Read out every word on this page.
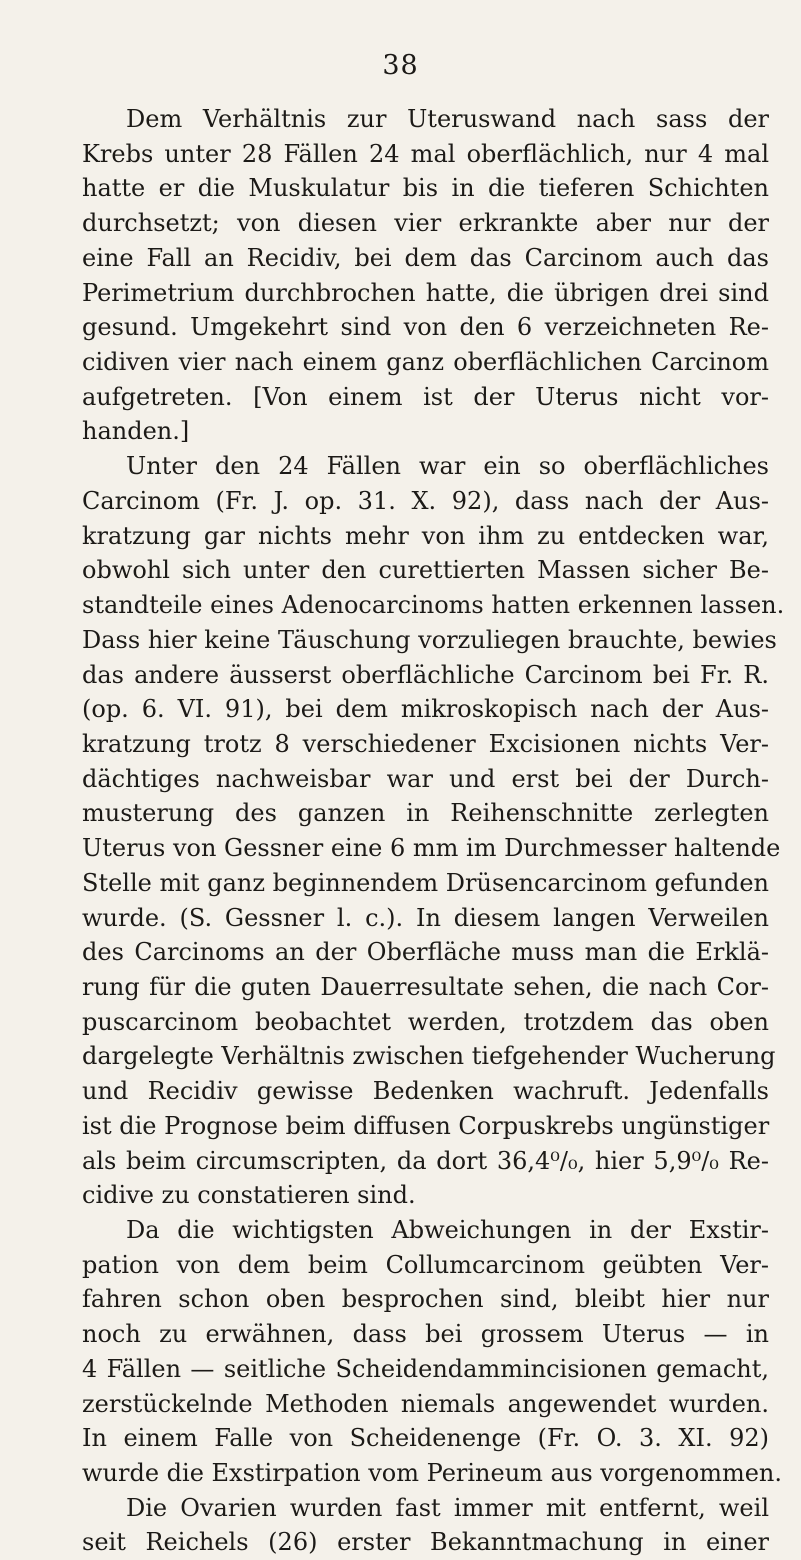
38
Dem Verhältnis zur Uteruswand nach sass der
Krebs unter 28 Fällen 24 mal oberflächlich, nur 4 mal
hatte er die Muskulatur bis in die tieferen Schichten
durchsetzt; von diesen vier erkrankte aber nur der
eine Fall an Recidiv, bei dem das Carcinom auch das
Perimetrium durchbrochen hatte, die übrigen drei sind
gesund. Umgekehrt sind von den 6 verzeichneten Re-
cidiven vier nach einem ganz oberflächlichen Carcinom
aufgetreten. [Von einem ist der Uterus nicht vor-
handen.]
Unter den 24 Fällen war ein so oberflächliches
Carcinom (Fr. J. op. 31. X. 92), dass nach der Aus-
kratzung gar nichts mehr von ihm zu entdecken war,
obwohl sich unter den curettierten Massen sicher Be-
standteile eines Adenocarcinoms hatten erkennen lassen.
Dass hier keine Täuschung vorzuliegen brauchte, bewies
das andere äusserst oberflächliche Carcinom bei Fr. R.
(op. 6. VI. 91), bei dem mikroskopisch nach der Aus-
kratzung trotz 8 verschiedener Excisionen nichts Ver-
dächtiges nachweisbar war und erst bei der Durch-
musterung des ganzen in Reihenschnitte zerlegten
Uterus von Gessner eine 6 mm im Durchmesser haltende
Stelle mit ganz beginnendem Drüsencarcinom gefunden
wurde. (S. Gessner l. c.). In diesem langen Verweilen
des Carcinoms an der Oberfläche muss man die Erklä-
rung für die guten Dauerresultate sehen, die nach Cor-
puscarcinom beobachtet werden, trotzdem das oben
dargelegte Verhältnis zwischen tiefgehender Wucherung
und Recidiv gewisse Bedenken wachruft. Jedenfalls
ist die Prognose beim diffusen Corpuskrebs ungünstiger
als beim circumscripten, da dort 36,4⁰/₀, hier 5,9⁰/₀ Re-
cidive zu constatieren sind.
Da die wichtigsten Abweichungen in der Exstir-
pation von dem beim Collumcarcinom geübten Ver-
fahren schon oben besprochen sind, bleibt hier nur
noch zu erwähnen, dass bei grossem Uterus — in
4 Fällen — seitliche Scheidendammincisionen gemacht,
zerstückelnde Methoden niemals angewendet wurden.
In einem Falle von Scheidenenge (Fr. O. 3. XI. 92)
wurde die Exstirpation vom Perineum aus vorgenommen.
Die Ovarien wurden fast immer mit entfernt, weil
seit Reichels (26) erster Bekanntmachung in einer
